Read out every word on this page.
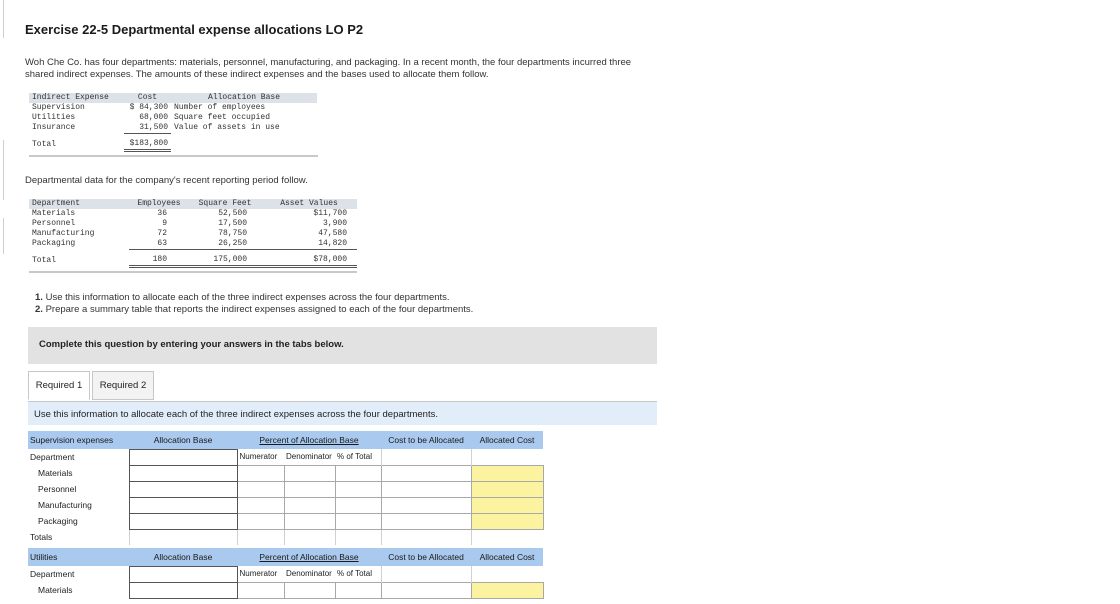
Exercise 22-5 Departmental expense allocations LO P2

Woh Che Co. has four departments: materials, personnel, manufacturing, and packaging. In a recent month, the four departments incurred three shared indirect expenses. The amounts of these indirect expenses and the bases used to allocate them follow.

Indirect Expense	Cost	Allocation Base
Supervision	$ 84,300	Number of employees
Utilities	68,000	Square feet occupied
Insurance	31,500	Value of assets in use
Total	$183,800	

Departmental data for the company's recent reporting period follow.

Department	Employees	Square Feet	Asset Values
Materials	36	52,500	$11,700
Personnel	9	17,500	3,900
Manufacturing	72	78,750	47,580
Packaging	63	26,250	14,820
Total	180	175,000	$78,000
1. Use this information to allocate each of the three indirect expenses across the four departments.
2. Prepare a summary table that reports the indirect expenses assigned to each of the four departments.
Complete this question by entering your answers in the tabs below.
Required 1	Required 2
Use this information to allocate each of the three indirect expenses across the four departments.
Supervision expenses	Allocation Base	Percent of Allocation Base			Cost to be Allocated	Allocated Cost
Department		Numerator	Denominator	% of Total		
Materials						
Personnel						
Manufacturing						
Packaging						
Totals						
Utilities	Allocation Base	Percent of Allocation Base			Cost to be Allocated	Allocated Cost
Department		Numerator	Denominator	% of Total		
Materials						
